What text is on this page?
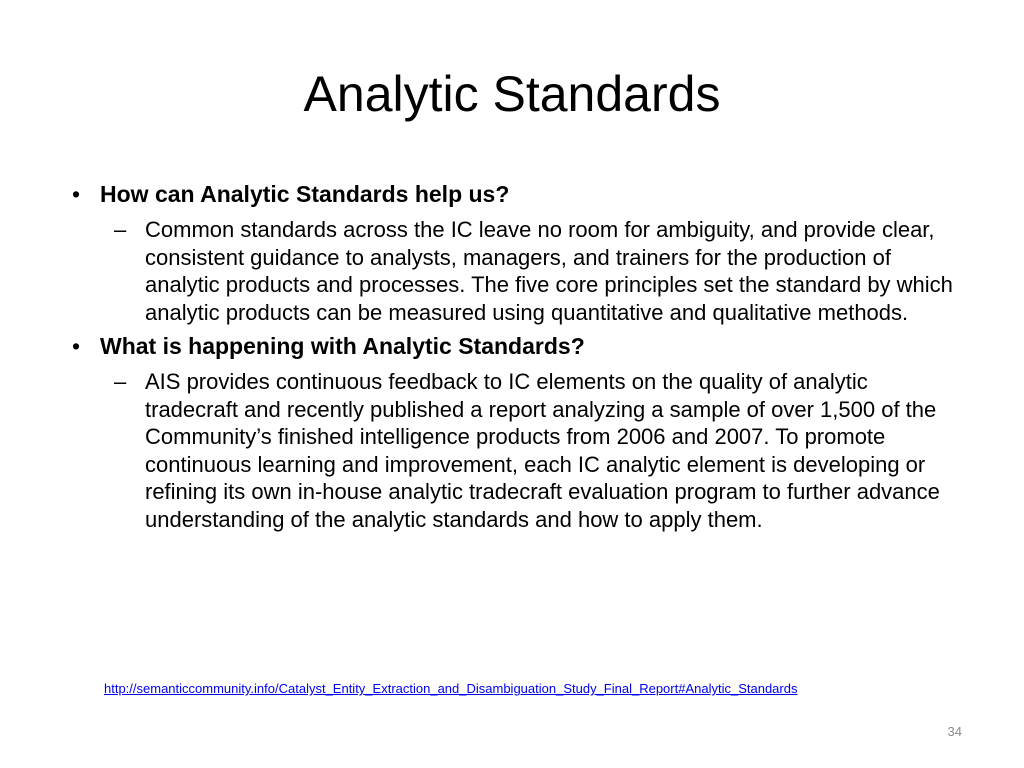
Analytic Standards
• How can Analytic Standards help us?
– Common standards across the IC leave no room for ambiguity, and provide clear, consistent guidance to analysts, managers, and trainers for the production of analytic products and processes. The five core principles set the standard by which analytic products can be measured using quantitative and qualitative methods.
• What is happening with Analytic Standards?
– AIS provides continuous feedback to IC elements on the quality of analytic tradecraft and recently published a report analyzing a sample of over 1,500 of the Community’s finished intelligence products from 2006 and 2007. To promote continuous learning and improvement, each IC analytic element is developing or refining its own in-house analytic tradecraft evaluation program to further advance understanding of the analytic standards and how to apply them.
http://semanticcommunity.info/Catalyst_Entity_Extraction_and_Disambiguation_Study_Final_Report#Analytic_Standards
34
